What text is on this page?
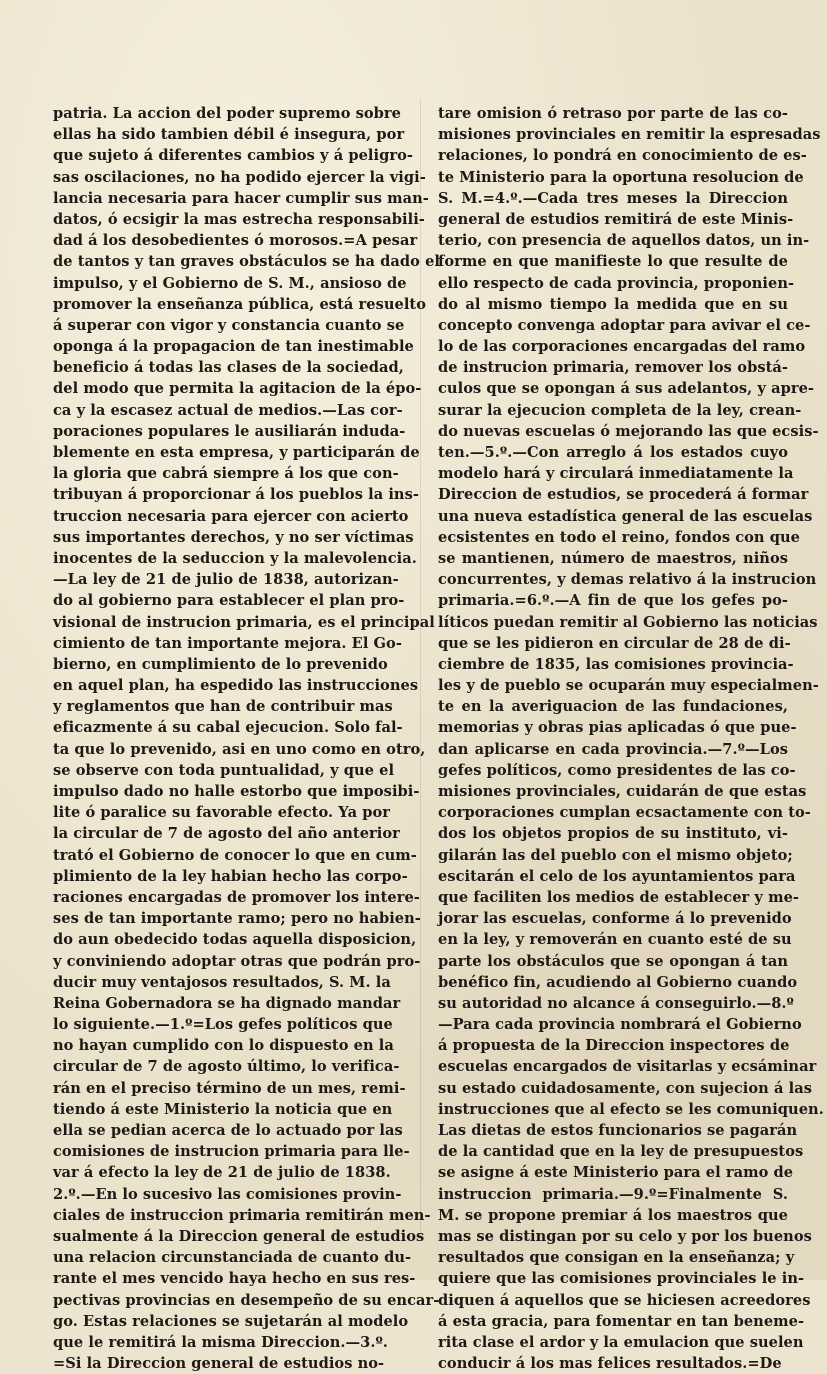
patria. La accion del poder supremo sobre
ellas ha sido tambien débil é insegura, por
que sujeto á diferentes cambios y á peligro-
sas oscilaciones, no ha podido ejercer la vigi-
lancia necesaria para hacer cumplir sus man-
datos, ó ecsigir la mas estrecha responsabili-
dad á los desobedientes ó morosos.=A pesar
de tantos y tan graves obstáculos se ha dado el
impulso, y el Gobierno de S. M., ansioso de
promover la enseñanza pública, está resuelto
á superar con vigor y constancia cuanto se
oponga á la propagacion de tan inestimable
beneficio á todas las clases de la sociedad,
del modo que permita la agitacion de la épo-
ca y la escasez actual de medios.—Las cor-
poraciones populares le ausiliarán induda-
blemente en esta empresa, y participarán de
la gloria que cabrá siempre á los que con-
tribuyan á proporcionar á los pueblos la ins-
truccion necesaria para ejercer con acierto
sus importantes derechos, y no ser víctimas
inocentes de la seduccion y la malevolencia.
—La ley de 21 de julio de 1838, autorizan-
do al gobierno para establecer el plan pro-
visional de instrucion primaria, es el principal
cimiento de tan importante mejora. El Go-
bierno, en cumplimiento de lo prevenido
en aquel plan, ha espedido las instrucciones
y reglamentos que han de contribuir mas
eficazmente á su cabal ejecucion. Solo fal-
ta que lo prevenido, asi en uno como en otro,
se observe con toda puntualidad, y que el
impulso dado no halle estorbo que imposibi-
lite ó paralice su favorable efecto. Ya por
la circular de 7 de agosto del año anterior
trató el Gobierno de conocer lo que en cum-
plimiento de la ley habian hecho las corpo-
raciones encargadas de promover los intere-
ses de tan importante ramo; pero no habien-
do aun obedecido todas aquella disposicion,
y conviniendo adoptar otras que podrán pro-
ducir muy ventajosos resultados, S. M. la
Reina Gobernadora se ha dignado mandar
lo siguiente.—1.º=Los gefes políticos que
no hayan cumplido con lo dispuesto en la
circular de 7 de agosto último, lo verifica-
rán en el preciso término de un mes, remi-
tiendo á este Ministerio la noticia que en
ella se pedian acerca de lo actuado por las
comisiones de instrucion primaria para lle-
var á efecto la ley de 21 de julio de 1838.
2.º.—En lo sucesivo las comisiones provin-
ciales de instruccion primaria remitirán men-
sualmente á la Direccion general de estudios
una relacion circunstanciada de cuanto du-
rante el mes vencido haya hecho en sus res-
pectivas provincias en desempeño de su encar-
go. Estas relaciones se sujetarán al modelo
que le remitirá la misma Direccion.—3.º.
=Si la Direccion general de estudios no-
tare omision ó retraso por parte de las co-
misiones provinciales en remitir la espresadas
relaciones, lo pondrá en conocimiento de es-
te Ministerio para la oportuna resolucion de
S. M.=4.º.—Cada tres meses la Direccion
general de estudios remitirá de este Minis-
terio, con presencia de aquellos datos, un in-
forme en que manifieste lo que resulte de
ello respecto de cada provincia, proponien-
do al mismo tiempo la medida que en su
concepto convenga adoptar para avivar el ce-
lo de las corporaciones encargadas del ramo
de instrucion primaria, remover los obstá-
culos que se opongan á sus adelantos, y apre-
surar la ejecucion completa de la ley, crean-
do nuevas escuelas ó mejorando las que ecsis-
ten.—5.º.—Con arreglo á los estados cuyo
modelo hará y circulará inmediatamente la
Direccion de estudios, se procederá á formar
una nueva estadística general de las escuelas
ecsistentes en todo el reino, fondos con que
se mantienen, número de maestros, niños
concurrentes, y demas relativo á la instrucion
primaria.=6.º.—A fin de que los gefes po-
líticos puedan remitir al Gobierno las noticias
que se les pidieron en circular de 28 de di-
ciembre de 1835, las comisiones provincia-
les y de pueblo se ocuparán muy especialmen-
te en la averiguacion de las fundaciones,
memorias y obras pias aplicadas ó que pue-
dan aplicarse en cada provincia.—7.º—Los
gefes políticos, como presidentes de las co-
misiones provinciales, cuidarán de que estas
corporaciones cumplan ecsactamente con to-
dos los objetos propios de su instituto, vi-
gilarán las del pueblo con el mismo objeto;
escitarán el celo de los ayuntamientos para
que faciliten los medios de establecer y me-
jorar las escuelas, conforme á lo prevenido
en la ley, y removerán en cuanto esté de su
parte los obstáculos que se opongan á tan
benéfico fin, acudiendo al Gobierno cuando
su autoridad no alcance á conseguirlo.—8.º
—Para cada provincia nombrará el Gobierno
á propuesta de la Direccion inspectores de
escuelas encargados de visitarlas y ecsáminar
su estado cuidadosamente, con sujecion á las
instrucciones que al efecto se les comuniquen.
Las dietas de estos funcionarios se pagarán
de la cantidad que en la ley de presupuestos
se asigne á este Ministerio para el ramo de
instruccion primaria.—9.º=Finalmente S.
M. se propone premiar á los maestros que
mas se distingan por su celo y por los buenos
resultados que consigan en la enseñanza; y
quiere que las comisiones provinciales le in-
diquen á aquellos que se hiciesen acreedores
á esta gracia, para fomentar en tan beneme-
rita clase el ardor y la emulacion que suelen
conducir á los mas felices resultados.=De
